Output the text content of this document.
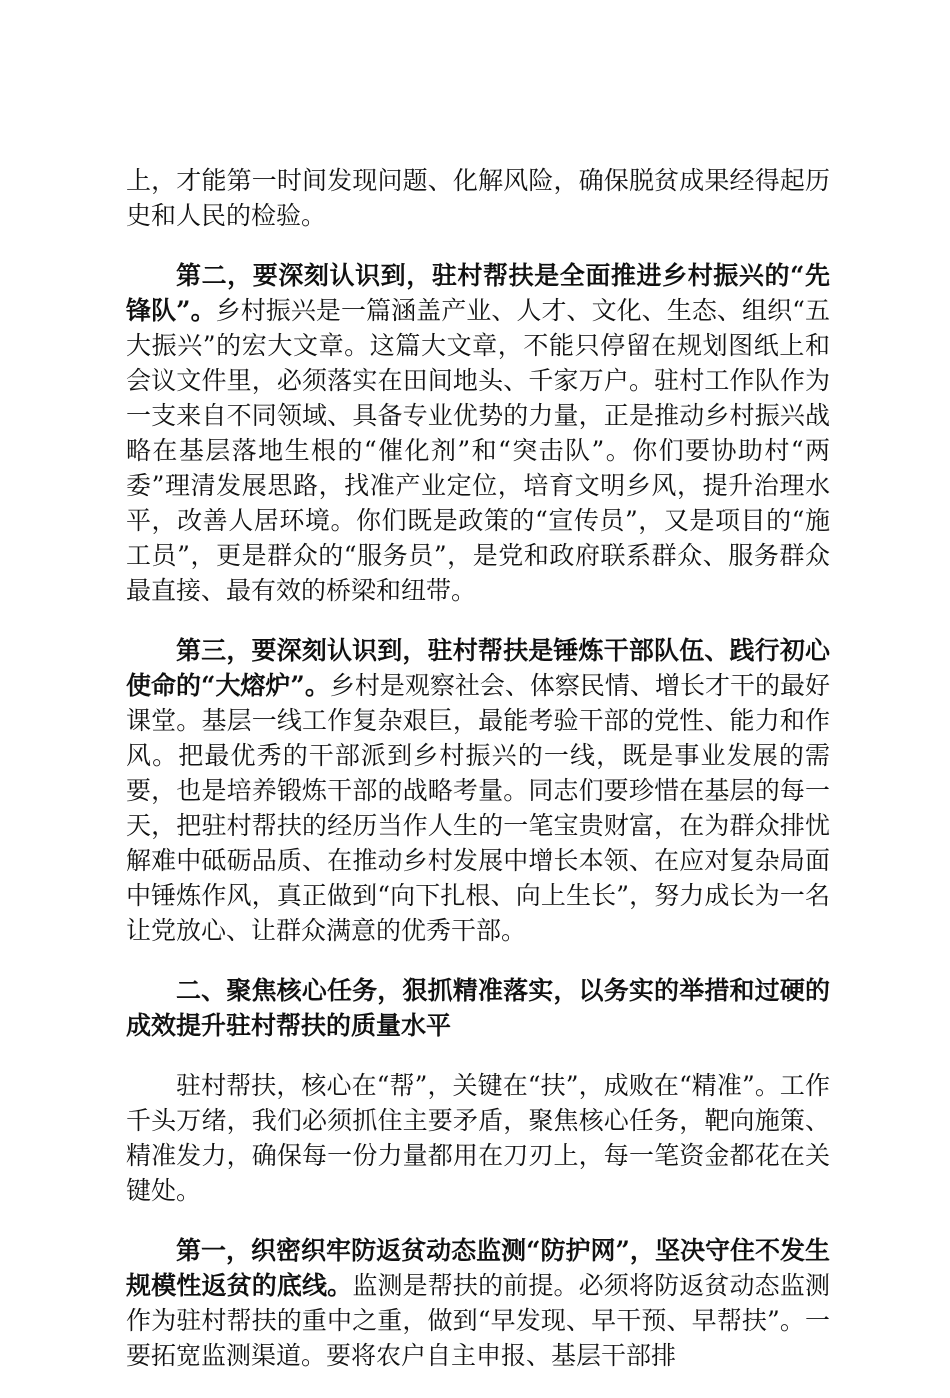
上，才能第一时间发现问题、化解风险，确保脱贫成果经得起历史和人民的检验。

第二，要深刻认识到，驻村帮扶是全面推进乡村振兴的“先锋队”。乡村振兴是一篇涵盖产业、人才、文化、生态、组织“五大振兴”的宏大文章。这篇大文章，不能只停留在规划图纸上和会议文件里，必须落实在田间地头、千家万户。驻村工作队作为一支来自不同领域、具备专业优势的力量，正是推动乡村振兴战略在基层落地生根的“催化剂”和“突击队”。你们要协助村“两委”理清发展思路，找准产业定位，培育文明乡风，提升治理水平，改善人居环境。你们既是政策的“宣传员”，又是项目的“施工员”，更是群众的“服务员”，是党和政府联系群众、服务群众最直接、最有效的桥梁和纽带。

第三，要深刻认识到，驻村帮扶是锤炼干部队伍、践行初心使命的“大熔炉”。乡村是观察社会、体察民情、增长才干的最好课堂。基层一线工作复杂艰巨，最能考验干部的党性、能力和作风。把最优秀的干部派到乡村振兴的一线，既是事业发展的需要，也是培养锻炼干部的战略考量。同志们要珍惜在基层的每一天，把驻村帮扶的经历当作人生的一笔宝贵财富，在为群众排忧解难中砥砺品质、在推动乡村发展中增长本领、在应对复杂局面中锤炼作风，真正做到“向下扎根、向上生长”，努力成长为一名让党放心、让群众满意的优秀干部。

二、聚焦核心任务，狠抓精准落实，以务实的举措和过硬的成效提升驻村帮扶的质量水平

驻村帮扶，核心在“帮”，关键在“扶”，成败在“精准”。工作千头万绪，我们必须抓住主要矛盾，聚焦核心任务，靶向施策、精准发力，确保每一份力量都用在刀刃上，每一笔资金都花在关键处。

第一，织密织牢防返贫动态监测“防护网”，坚决守住不发生规模性返贫的底线。监测是帮扶的前提。必须将防返贫动态监测作为驻村帮扶的重中之重，做到“早发现、早干预、早帮扶”。一要拓宽监测渠道。要将农户自主申报、基层干部排
